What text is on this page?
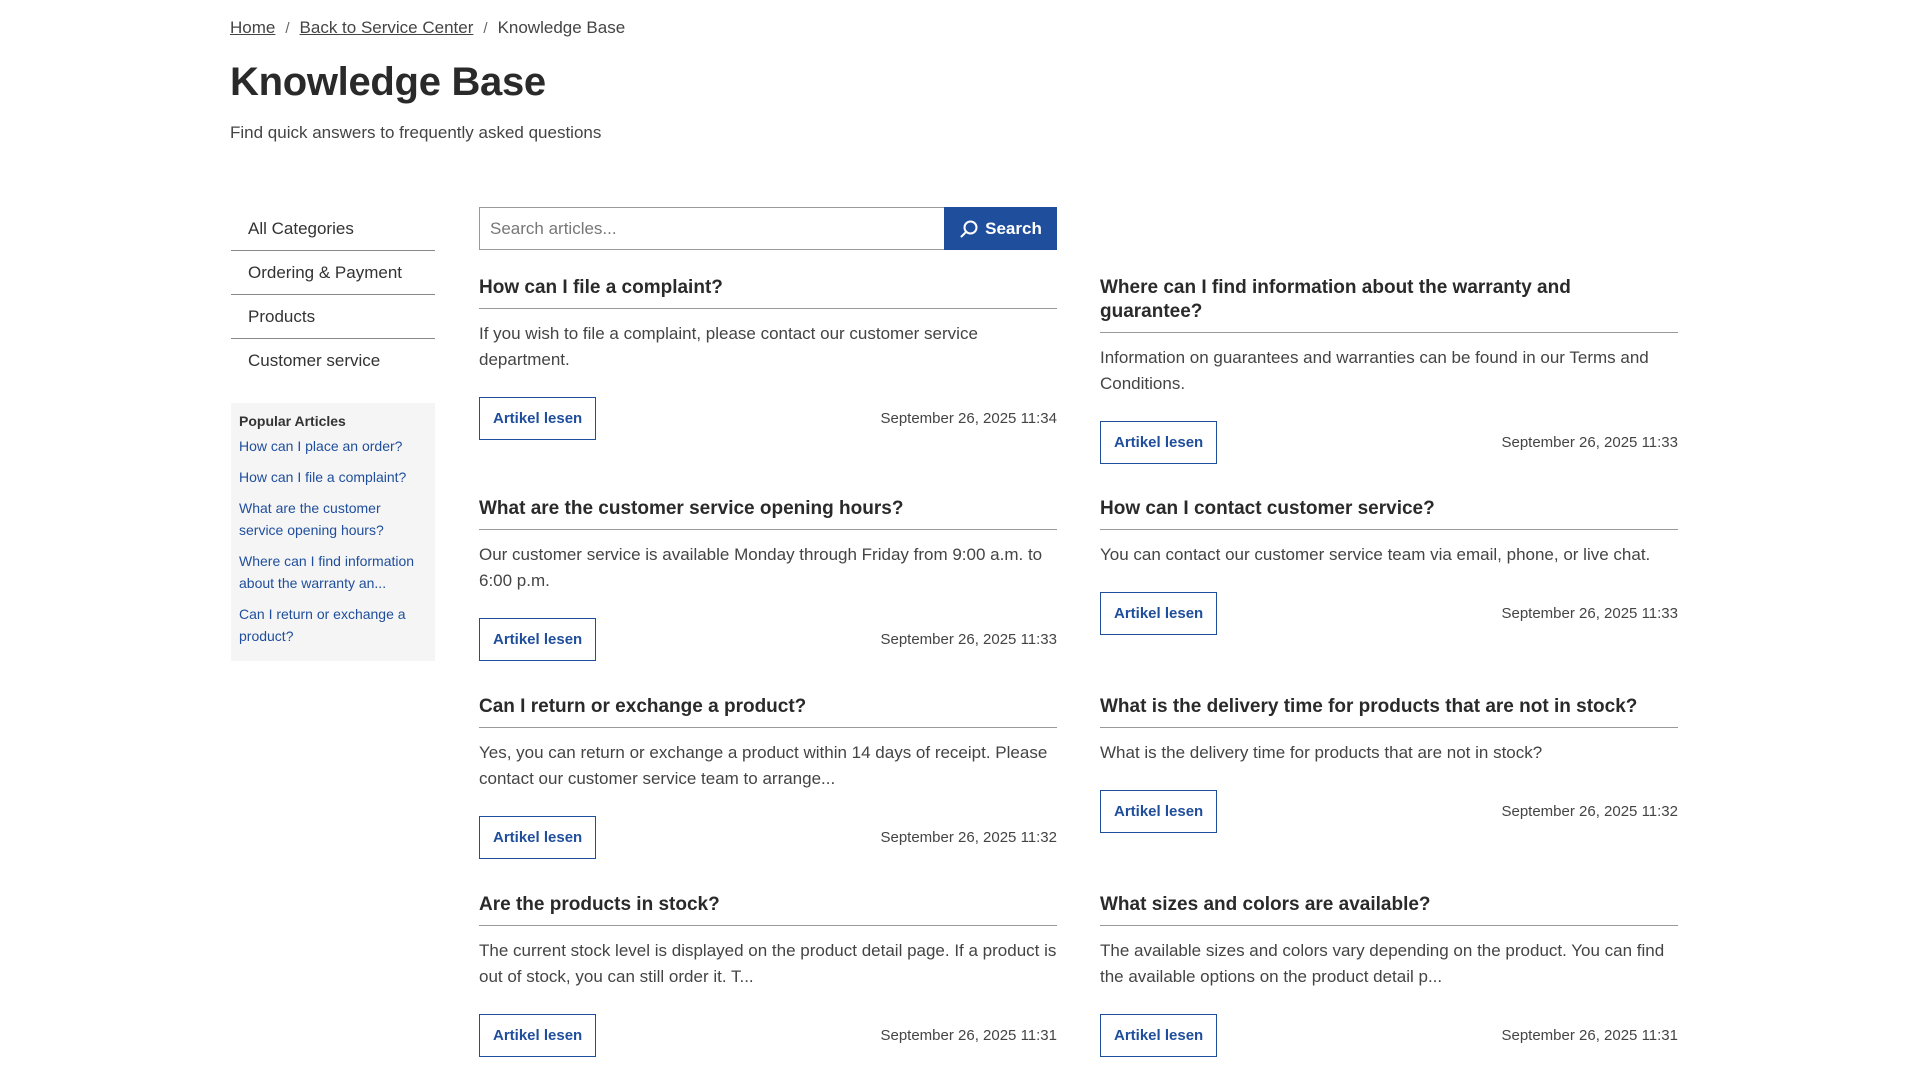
Home / Back to Service Center / Knowledge Base
Knowledge Base

Find quick answers to frequently asked questions

All Categories
Ordering & Payment
Products
Customer service
Popular Articles
How can I place an order?
How can I file a complaint?
What are the customer service opening hours?
Where can I find information about the warranty an...
Can I return or exchange a product?
Search articles...
Search
How can I file a complaint?

If you wish to file a complaint, please contact our customer service department.

Artikel lesen	September 26, 2025 11:34
Where can I find information about the warranty and guarantee?

Information on guarantees and warranties can be found in our Terms and Conditions.

Artikel lesen	September 26, 2025 11:33
What are the customer service opening hours?

Our customer service is available Monday through Friday from 9:00 a.m. to 6:00 p.m.

Artikel lesen	September 26, 2025 11:33
How can I contact customer service?

You can contact our customer service team via email, phone, or live chat.

Artikel lesen	September 26, 2025 11:33
Can I return or exchange a product?

Yes, you can return or exchange a product within 14 days of receipt. Please contact our customer service team to arrange...

Artikel lesen	September 26, 2025 11:32
What is the delivery time for products that are not in stock?

What is the delivery time for products that are not in stock?

Artikel lesen	September 26, 2025 11:32
Are the products in stock?

The current stock level is displayed on the product detail page. If a product is out of stock, you can still order it. T...

Artikel lesen	September 26, 2025 11:31
What sizes and colors are available?

The available sizes and colors vary depending on the product. You can find the available options on the product detail p...

Artikel lesen	September 26, 2025 11:31
